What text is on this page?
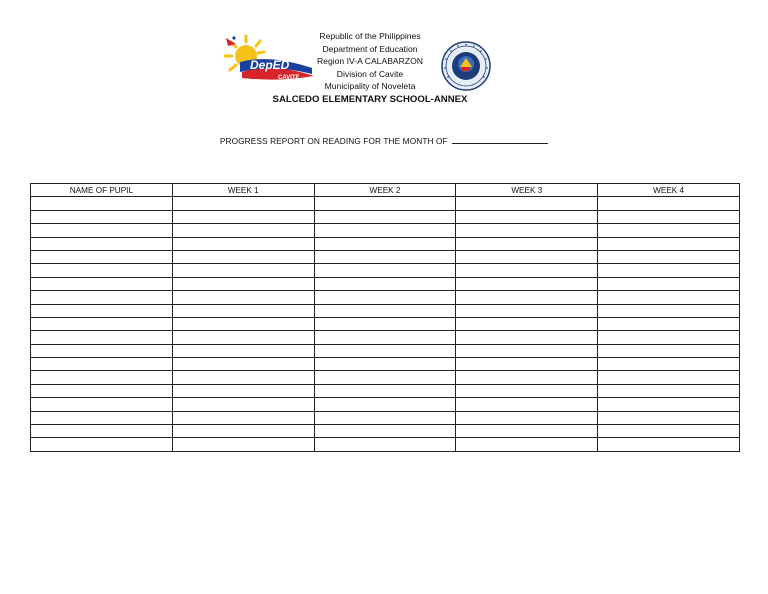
DepED
CAVITE
Republic of the Philippines
Department of Education
Region IV-A CALABARZON
Division of Cavite
Municipality of Noveleta
SALCEDO ELEMENTARY SCHOOL-ANNEX
PROGRESS REPORT ON READING FOR THE MONTH OF
NAME OF PUPIL	WEEK 1	WEEK 2	WEEK 3	WEEK 4
